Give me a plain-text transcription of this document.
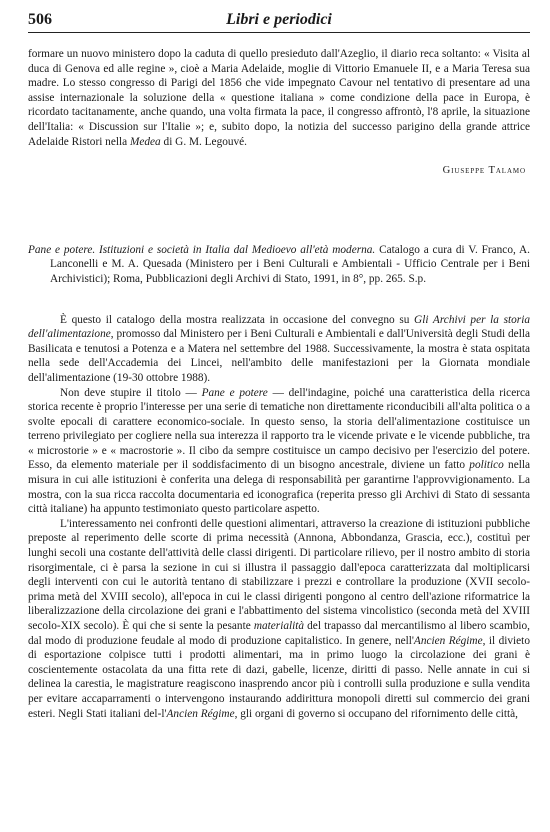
506	Libri e periodici

formare un nuovo ministero dopo la caduta di quello presieduto dall'Azeglio, il diario reca soltanto: « Visita al duca di Genova ed alle regine », cioè a Maria Adelaide, moglie di Vittorio Emanuele II, e a Maria Teresa sua madre. Lo stesso congresso di Parigi del 1856 che vide impegnato Cavour nel tentativo di presentare ad una assise internazionale la soluzione della « questione italiana » come condizione della pace in Europa, è ricordato tacitanamente, anche quando, una volta firmata la pace, il congresso affrontò, l'8 aprile, la situazione dell'Italia: « Discussion sur l'Italie »; e, subito dopo, la notizia del successo parigino della grande attrice Adelaide Ristori nella Medea di G. M. Legouvé.

Giuseppe Talamo

Pane e potere. Istituzioni e società in Italia dal Medioevo all'età moderna. Catalogo a cura di V. Franco, A. Lanconelli e M. A. Quesada (Ministero per i Beni Culturali e Ambientali - Ufficio Centrale per i Beni Archivistici); Roma, Pubblicazioni degli Archivi di Stato, 1991, in 8°, pp. 265. S.p.

È questo il catalogo della mostra realizzata in occasione del convegno su Gli Archivi per la storia dell'alimentazione, promosso dal Ministero per i Beni Culturali e Ambientali e dall'Università degli Studi della Basilicata e tenutosi a Potenza e a Matera nel settembre del 1988. Successivamente, la mostra è stata ospitata nella sede dell'Accademia dei Lincei, nell'ambito delle manifestazioni per la Giornata mondiale dell'alimentazione (19-30 ottobre 1988).

Non deve stupire il titolo — Pane e potere — dell'indagine, poiché una caratteristica della ricerca storica recente è proprio l'interesse per una serie di tematiche non direttamente riconducibili all'alta politica o a svolte epocali di carattere economico-sociale. In questo senso, la storia dell'alimentazione costituisce un terreno privilegiato per cogliere nella sua interezza il rapporto tra le vicende private e le vicende pubbliche, tra « microstorie » e « macrostorie ». Il cibo da sempre costituisce un campo decisivo per l'esercizio del potere. Esso, da elemento materiale per il soddisfacimento di un bisogno ancestrale, diviene un fatto politico nella misura in cui alle istituzioni è conferita una delega di responsabilità per garantirne l'approvvigionamento. La mostra, con la sua ricca raccolta documentaria ed iconografica (reperita presso gli Archivi di Stato di sessanta città italiane) ha appunto testimoniato questo particolare aspetto.

L'interessamento nei confronti delle questioni alimentari, attraverso la creazione di istituzioni pubbliche preposte al reperimento delle scorte di prima necessità (Annona, Abbondanza, Grascia, ecc.), costituì per lunghi secoli una costante dell'attività delle classi dirigenti. Di particolare rilievo, per il nostro ambito di storia risorgimentale, ci è parsa la sezione in cui si illustra il passaggio dall'epoca caratterizzata dal moltiplicarsi degli interventi con cui le autorità tentano di stabilizzare i prezzi e controllare la produzione (XVII secolo-prima metà del XVIII secolo), all'epoca in cui le classi dirigenti pongono al centro dell'azione riformatrice la liberalizzazione della circolazione dei grani e l'abbattimento del sistema vincolistico (seconda metà del XVIII secolo-XIX secolo). È qui che si sente la pesante materialità del trapasso dal mercantilismo al libero scambio, dal modo di produzione feudale al modo di produzione capitalistico. In genere, nell'Ancien Régime, il divieto di esportazione colpisce tutti i prodotti alimentari, ma in primo luogo la circolazione dei grani è coscientemente ostacolata da una fitta rete di dazi, gabelle, licenze, diritti di passo. Nelle annate in cui si delinea la carestia, le magistrature reagiscono inasprendo ancor più i controlli sulla produzione e sulla vendita per evitare accaparramenti o intervengono instaurando addirittura monopoli diretti sul commercio dei grani esteri. Negli Stati italiani del-l'Ancien Régime, gli organi di governo si occupano del rifornimento delle città,
